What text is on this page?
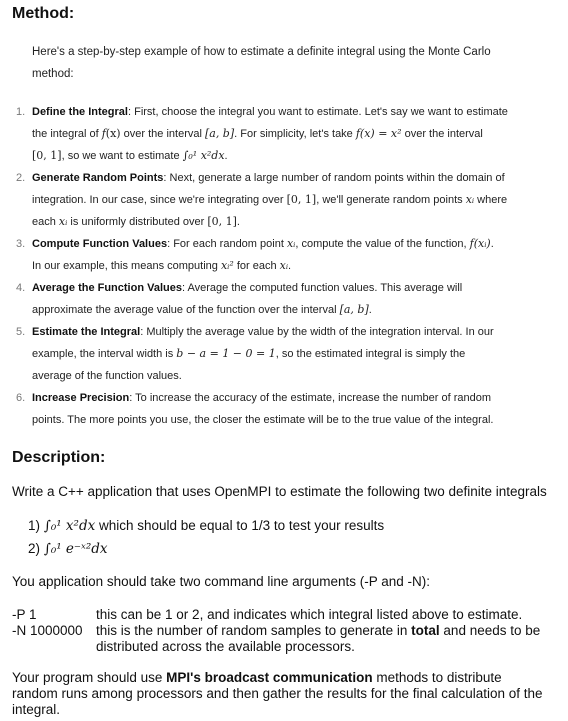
Method:
Here's a step-by-step example of how to estimate a definite integral using the Monte Carlo
method:
1. Define the Integral: First, choose the integral you want to estimate. Let's say we want to estimate
the integral of f(x) over the interval [a, b]. For simplicity, let's take f(x) = x² over the interval
[0, 1], so we want to estimate ∫₀¹ x²dx.
2. Generate Random Points: Next, generate a large number of random points within the domain of
integration. In our case, since we're integrating over [0, 1], we'll generate random points xᵢ where
each xᵢ is uniformly distributed over [0, 1].
3. Compute Function Values: For each random point xᵢ, compute the value of the function, f(xᵢ).
In our example, this means computing xᵢ² for each xᵢ.
4. Average the Function Values: Average the computed function values. This average will
approximate the average value of the function over the interval [a, b].
5. Estimate the Integral: Multiply the average value by the width of the integration interval. In our
example, the interval width is b − a = 1 − 0 = 1, so the estimated integral is simply the
average of the function values.
6. Increase Precision: To increase the accuracy of the estimate, increase the number of random
points. The more points you use, the closer the estimate will be to the true value of the integral.
Description:
Write a C++ application that uses OpenMPI to estimate the following two definite integrals
1) ∫₀¹ x²dx which should be equal to 1/3 to test your results
2) ∫₀¹ e⁻ˣ²dx
You application should take two command line arguments (-P and -N):
-P 1	this can be 1 or 2, and indicates which integral listed above to estimate.
-N 1000000 this is the number of random samples to generate in total and needs to be
distributed across the available processors.
Your program should use MPI's broadcast communication methods to distribute
random runs among processors and then gather the results for the final calculation of the
integral.
